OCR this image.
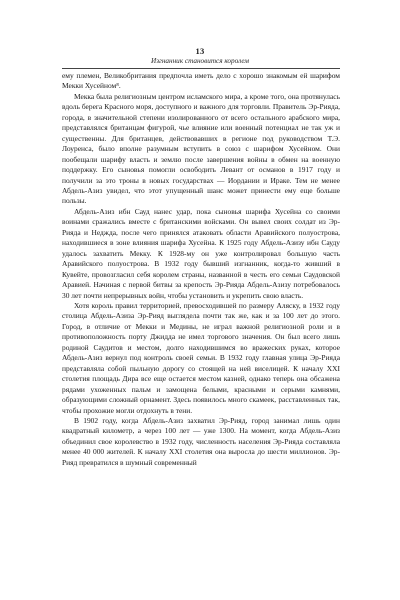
13
Изгнанник становится королем

ему племен, Великобритания предпочла иметь дело с хорошо знакомым ей шарифом Мекки Хусейном⁸.

Мекка была религиозным центром исламского мира, а кроме того, она протянулась вдоль берега Красного моря, доступного и важного для торговли. Правитель Эр-Рияда, города, в значительной степени изолированного от всего остального арабского мира, представлялся британцам фигурой, чье влияние или военный потенциал не так уж и существенны. Для британцев, действовавших в регионе под руководством Т.Э. Лоуренса, было вполне разумным вступить в союз с шарифом Хусейном. Они пообещали шарифу власть и землю после завершения войны в обмен на военную поддержку. Его сыновья помогли освободить Левант от османов в 1917 году и получили за это троны в новых государствах — Иордании и Ираке. Тем не менее Абдель-Азиз увидел, что этот упущенный шанс может принести ему еще больше пользы.

Абдель-Азиз ибн Сауд нанес удар, пока сыновья шарифа Хусейна со своими воинами сражались вместе с британскими войсками. Он вывел своих солдат из Эр-Рияда и Неджда, после чего принялся атаковать области Аравийского полуострова, находившиеся в зоне влияния шарифа Хусейна. К 1925 году Абдель-Азизу ибн Сауду удалось захватить Мекку. К 1928-му он уже контролировал большую часть Аравийского полуострова. В 1932 году бывший изгнанник, когда-то живший в Кувейте, провозгласил себя королем страны, названной в честь его семьи Саудовской Аравией. Начиная с первой битвы за крепость Эр-Рияда Абдель-Азизу потребовалось 30 лет почти непрерывных войн, чтобы установить и укрепить свою власть.

Хотя король правил территорией, превосходившей по размеру Аляску, в 1932 году столица Абдель-Азиза Эр-Рияд выглядела почти так же, как и за 100 лет до этого. Город, в отличие от Мекки и Медины, не играл важной религиозной роли и в противоположность порту Джидда не имел торгового значения. Он был всего лишь родиной Саудитов и местом, долго находившимся во вражеских руках, которое Абдель-Азиз вернул под контроль своей семьи. В 1932 году главная улица Эр-Рияда представляла собой пыльную дорогу со стоящей на ней виселицей. К началу XXI столетия площадь Дира все еще остается местом казней, однако теперь она обсажена рядами ухоженных пальм и замощена белыми, красными и серыми камнями, образующими сложный орнамент. Здесь появилось много скамеек, расставленных так, чтобы прохожие могли отдохнуть в тени.

В 1902 году, когда Абдель-Азиз захватил Эр-Рияд, город занимал лишь один квадратный километр, а через 100 лет — уже 1300. На момент, когда Абдель-Азиз объединил свое королевство в 1932 году, численность населения Эр-Рияда составляла менее 40 000 жителей. К началу XXI столетия она выросла до шести миллионов. Эр-Рияд превратился в шумный современный
